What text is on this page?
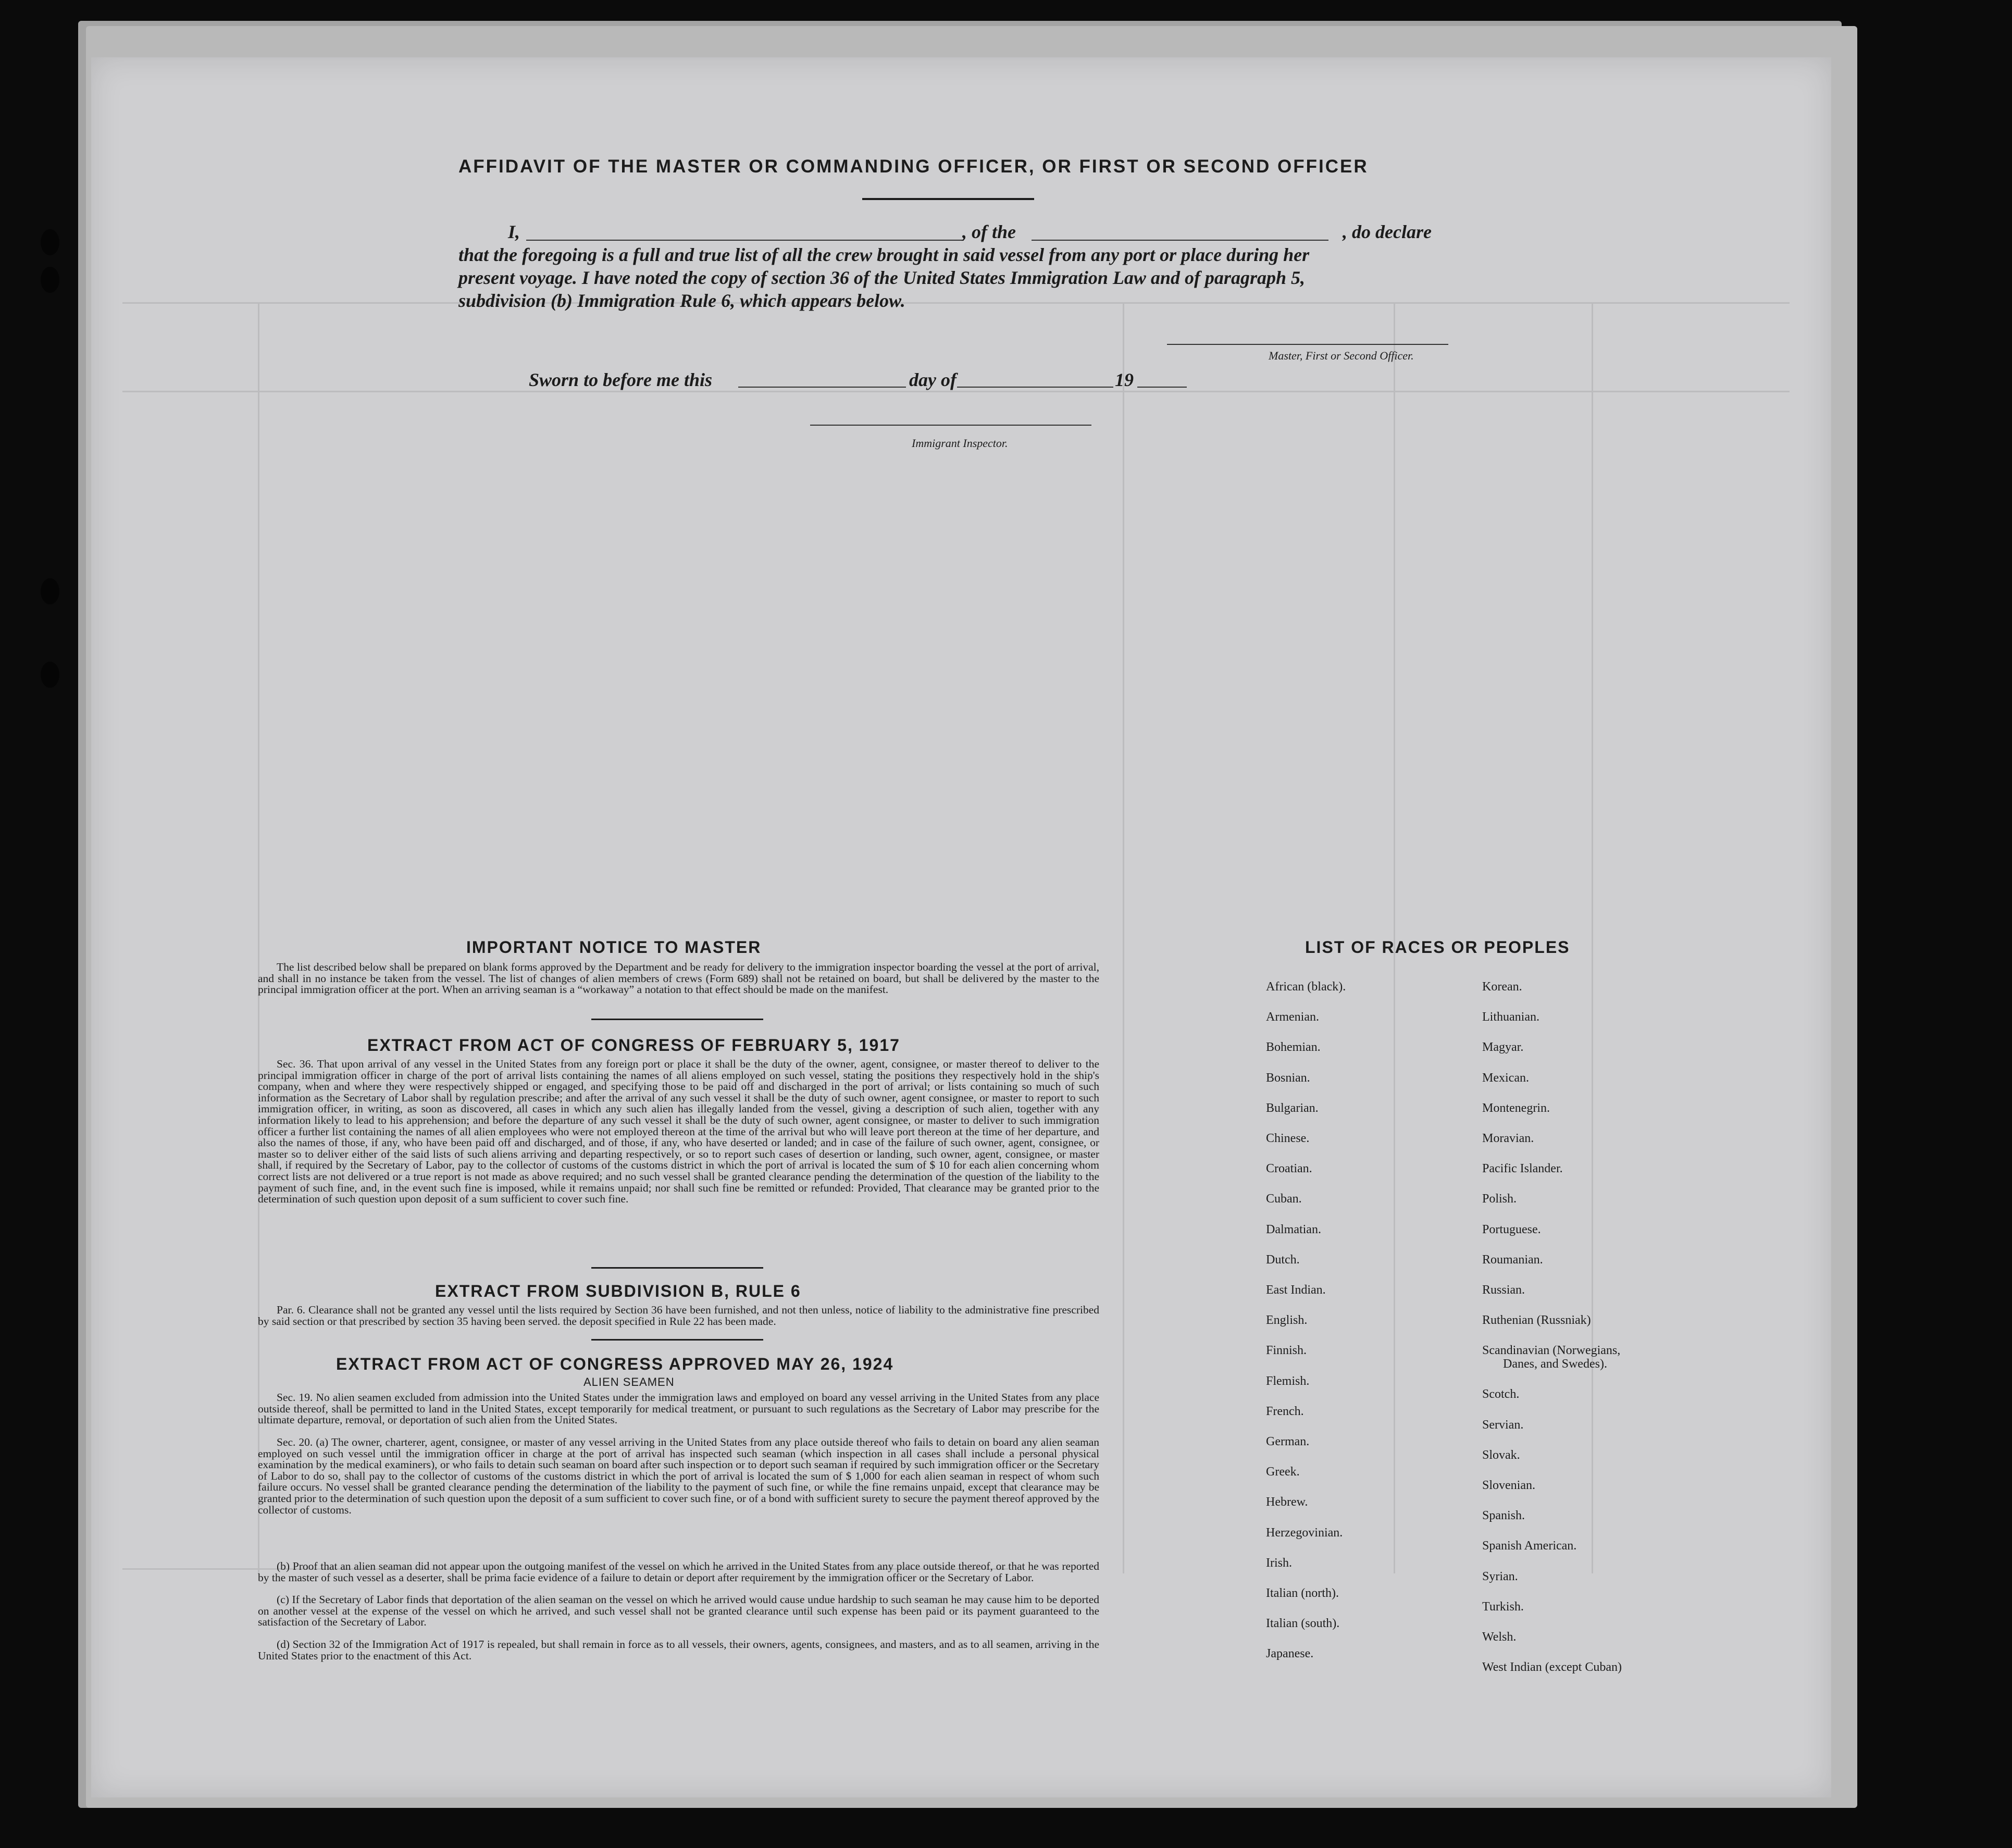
AFFIDAVIT OF THE MASTER OR COMMANDING OFFICER, OR FIRST OR SECOND OFFICER
I,	, of the	, do declare
that the foregoing is a full and true list of all the crew brought in said vessel from any port or place during her
present voyage. I have noted the copy of section 36 of the United States Immigration Law and of paragraph 5,
subdivision (b) Immigration Rule 6, which appears below.
Master, First or Second Officer.
Sworn to before me this	day of	19
Immigrant Inspector.
IMPORTANT NOTICE TO MASTER
The list described below shall be prepared on blank forms approved by the Department and be ready for delivery to the immigration inspector boarding the vessel at the port of arrival, and shall in no instance be taken from the vessel. The list of changes of alien members of crews (Form 689) shall not be retained on board, but shall be delivered by the master to the principal immigration officer at the port. When an arriving seaman is a “workaway” a notation to that effect should be made on the manifest.
EXTRACT FROM ACT OF CONGRESS OF FEBRUARY 5, 1917
Sec. 36. That upon arrival of any vessel in the United States from any foreign port or place it shall be the duty of the owner, agent, consignee, or master thereof to deliver to the principal immigration officer in charge of the port of arrival lists containing the names of all aliens employed on such vessel, stating the positions they respectively hold in the ship's company, when and where they were respectively shipped or engaged, and specifying those to be paid off and discharged in the port of arrival; or lists containing so much of such information as the Secretary of Labor shall by regulation prescribe; and after the arrival of any such vessel it shall be the duty of such owner, agent consignee, or master to report to such immigration officer, in writing, as soon as discovered, all cases in which any such alien has illegally landed from the vessel, giving a description of such alien, together with any information likely to lead to his apprehension; and before the departure of any such vessel it shall be the duty of such owner, agent consignee, or master to deliver to such immigration officer a further list containing the names of all alien employees who were not employed thereon at the time of the arrival but who will leave port thereon at the time of her departure, and also the names of those, if any, who have been paid off and discharged, and of those, if any, who have deserted or landed; and in case of the failure of such owner, agent, consignee, or master so to deliver either of the said lists of such aliens arriving and departing respectively, or so to report such cases of desertion or landing, such owner, agent, consignee, or master shall, if required by the Secretary of Labor, pay to the collector of customs of the customs district in which the port of arrival is located the sum of $ 10 for each alien concerning whom correct lists are not delivered or a true report is not made as above required; and no such vessel shall be granted clearance pending the determination of the question of the liability to the payment of such fine, and, in the event such fine is imposed, while it remains unpaid; nor shall such fine be remitted or refunded: Provided, That clearance may be granted prior to the determination of such question upon deposit of a sum sufficient to cover such fine.
EXTRACT FROM SUBDIVISION B, RULE 6
Par. 6. Clearance shall not be granted any vessel until the lists required by Section 36 have been furnished, and not then unless, notice of liability to the administrative fine prescribed by said section or that prescribed by section 35 having been served. the deposit specified in Rule 22 has been made.
EXTRACT FROM ACT OF CONGRESS APPROVED MAY 26, 1924
ALIEN SEAMEN
Sec. 19. No alien seamen excluded from admission into the United States under the immigration laws and employed on board any vessel arriving in the United States from any place outside thereof, shall be permitted to land in the United States, except temporarily for medical treatment, or pursuant to such regulations as the Secretary of Labor may prescribe for the ultimate departure, removal, or deportation of such alien from the United States.
Sec. 20. (a) The owner, charterer, agent, consignee, or master of any vessel arriving in the United States from any place outside thereof who fails to detain on board any alien seaman employed on such vessel until the immigration officer in charge at the port of arrival has inspected such seaman (which inspection in all cases shall include a personal physical examination by the medical examiners), or who fails to detain such seaman on board after such inspection or to deport such seaman if required by such immigration officer or the Secretary of Labor to do so, shall pay to the collector of customs of the customs district in which the port of arrival is located the sum of $ 1,000 for each alien seaman in respect of whom such failure occurs. No vessel shall be granted clearance pending the determination of the liability to the payment of such fine, or while the fine remains unpaid, except that clearance may be granted prior to the determination of such question upon the deposit of a sum sufficient to cover such fine, or of a bond with sufficient surety to secure the payment thereof approved by the collector of customs.
(b) Proof that an alien seaman did not appear upon the outgoing manifest of the vessel on which he arrived in the United States from any place outside thereof, or that he was reported by the master of such vessel as a deserter, shall be prima facie evidence of a failure to detain or deport after requirement by the immigration officer or the Secretary of Labor.
(c) If the Secretary of Labor finds that deportation of the alien seaman on the vessel on which he arrived would cause undue hardship to such seaman he may cause him to be deported on another vessel at the expense of the vessel on which he arrived, and such vessel shall not be granted clearance until such expense has been paid or its payment guaranteed to the satisfaction of the Secretary of Labor.
(d) Section 32 of the Immigration Act of 1917 is repealed, but shall remain in force as to all vessels, their owners, agents, consignees, and masters, and as to all seamen, arriving in the United States prior to the enactment of this Act.
LIST OF RACES OR PEOPLES
African (black).
Armenian.
Bohemian.
Bosnian.
Bulgarian.
Chinese.
Croatian.
Cuban.
Dalmatian.
Dutch.
East Indian.
English.
Finnish.
Flemish.
French.
German.
Greek.
Hebrew.
Herzegovinian.
Irish.
Italian (north).
Italian (south).
Japanese.
Korean.
Lithuanian.
Magyar.
Mexican.
Montenegrin.
Moravian.
Pacific Islander.
Polish.
Portuguese.
Roumanian.
Russian.
Ruthenian (Russniak)
Scandinavian (Norwegians,
Danes, and Swedes).
Scotch.
Servian.
Slovak.
Slovenian.
Spanish.
Spanish American.
Syrian.
Turkish.
Welsh.
West Indian (except Cuban)
